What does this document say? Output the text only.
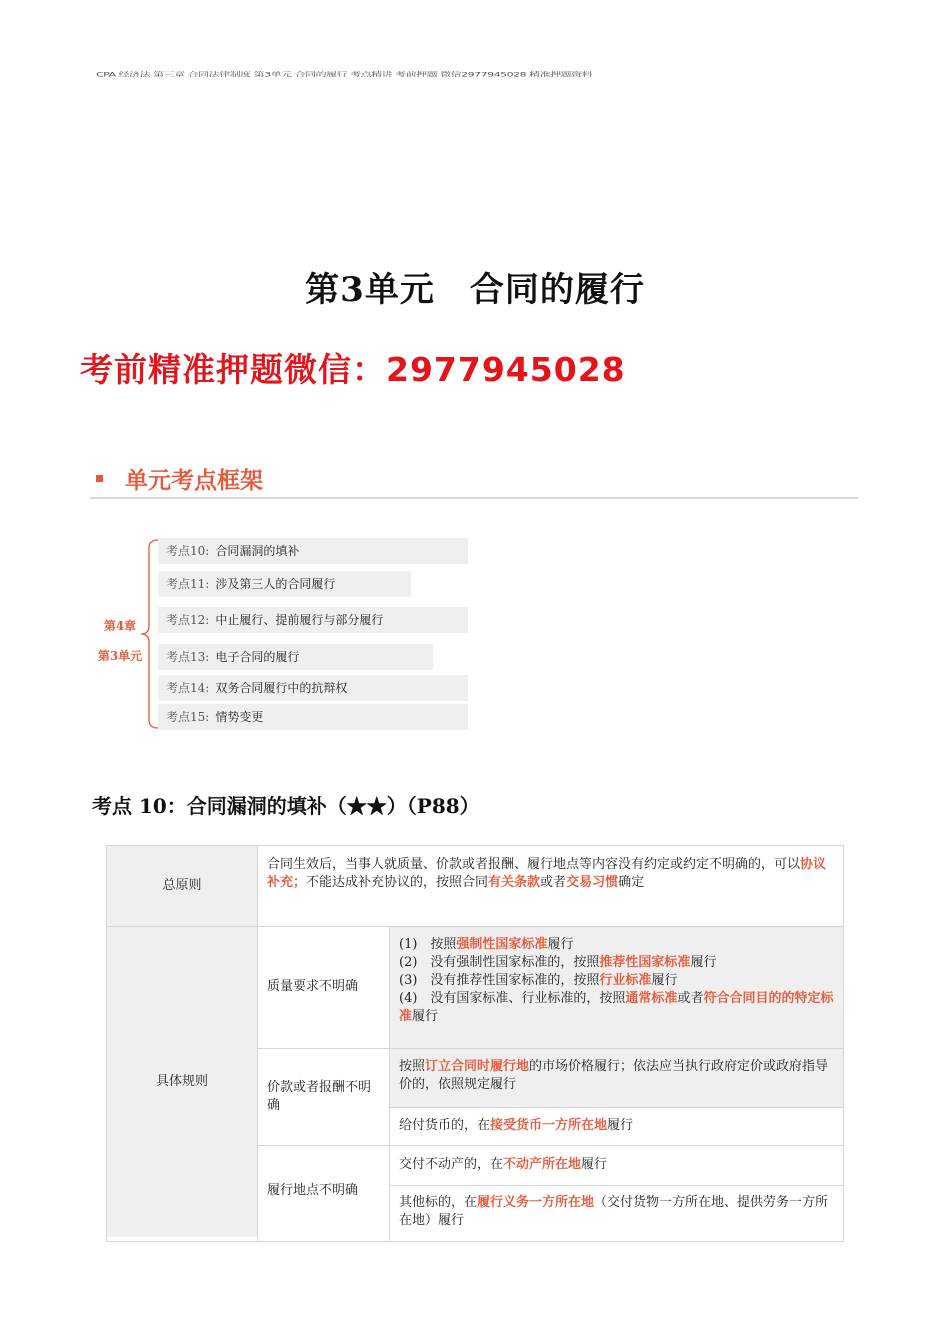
CPA 经济法 第三章 合同法律制度 第3单元 合同的履行 考点精讲 考前押题 微信2977945028 精准押题资料
第3单元　合同的履行
考前精准押题微信：2977945028
单元考点框架
第4章
第3单元
考点10: 合同漏洞的填补
考点11: 涉及第三人的合同履行
考点12: 中止履行、提前履行与部分履行
考点13: 电子合同的履行
考点14: 双务合同履行中的抗辩权
考点15: 情势变更
考点 10：合同漏洞的填补（★★）（P88）
总原则
具体规则
合同生效后，当事人就质量、价款或者报酬、履行地点等内容没有约定或约定不明确的，可以协议补充；不能达成补充协议的，按照合同有关条款或者交易习惯确定
质量要求不明确
(1)　按照强制性国家标准履行
(2)　没有强制性国家标准的，按照推荐性国家标准履行
(3)　没有推荐性国家标准的，按照行业标准履行
(4)　没有国家标准、行业标准的，按照通常标准或者符合合同目的的特定标准履行
价款或者报酬不明确
按照订立合同时履行地的市场价格履行；依法应当执行政府定价或政府指导价的，依照规定履行
给付货币的，在接受货币一方所在地履行
履行地点不明确
交付不动产的，在不动产所在地履行
其他标的，在履行义务一方所在地（交付货物一方所在地、提供劳务一方所在地）履行
